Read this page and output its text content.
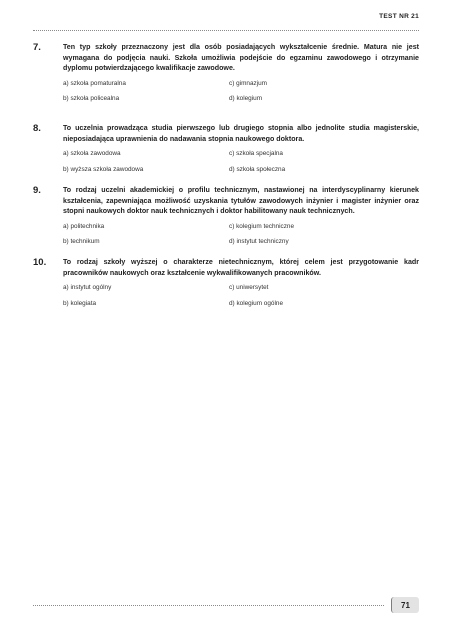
TEST NR 21
7.	Ten typ szkoły przeznaczony jest dla osób posiadających wykształcenie średnie. Matura nie jest wymagana do podjęcia nauki. Szkoła umożliwia podejście do egzaminu zawodowego i otrzymanie dyplomu potwierdzającego kwalifikacje zawodowe.
a) szkoła pomaturalna	c) gimnazjum
b) szkoła policealna	d) kolegium
8.	To uczelnia prowadząca studia pierwszego lub drugiego stopnia albo jednolite studia magisterskie, nieposiadająca uprawnienia do nadawania stopnia naukowego doktora.
a) szkoła zawodowa	c) szkoła specjalna
b) wyższa szkoła zawodowa	d) szkoła społeczna
9.	To rodzaj uczelni akademickiej o profilu technicznym, nastawionej na interdyscyplinarny kierunek kształcenia, zapewniająca możliwość uzyskania tytułów zawodowych inżynier i magister inżynier oraz stopni naukowych doktor nauk technicznych i doktor habilitowany nauk technicznych.
a) politechnika	c) kolegium techniczne
b) technikum	d) instytut techniczny
10. To rodzaj szkoły wyższej o charakterze nietechnicznym, której celem jest przygotowanie kadr pracowników naukowych oraz kształcenie wykwalifikowanych pracowników.
a) instytut ogólny	c) uniwersytet
b) kolegiata	d) kolegium ogólne
71
